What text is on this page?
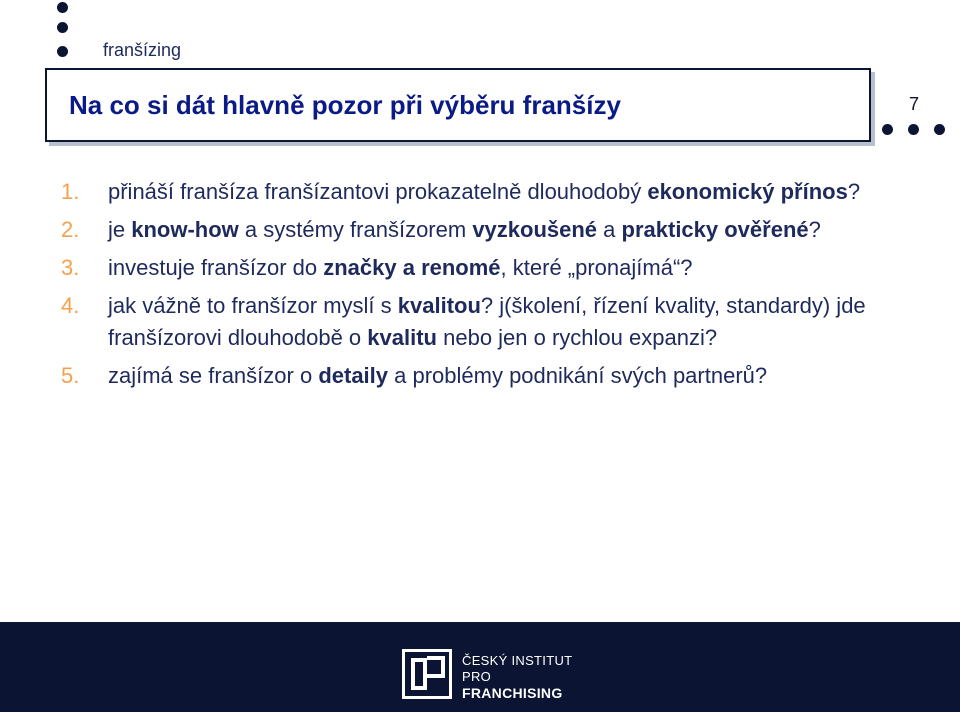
franšízing
Na co si dát hlavně pozor při výběru franšízy	7
1. přináší franšíza franšízantovi prokazatelně dlouhodobý ekonomický přínos?
2. je know-how a systémy franšízorem vyzkoušené a prakticky ověřené?
3. investuje franšízor do značky a renomé, které „pronajímá“?
4. jak vážně to franšízor myslí s kvalitou? j(školení, řízení kvality, standardy) jde franšízorovi dlouhodobě o kvalitu nebo jen o rychlou expanzi?
5. zajímá se franšízor o detaily a problémy podnikání svých partnerů?
ČESKÝ INSTITUT
PRO
FRANCHISING
